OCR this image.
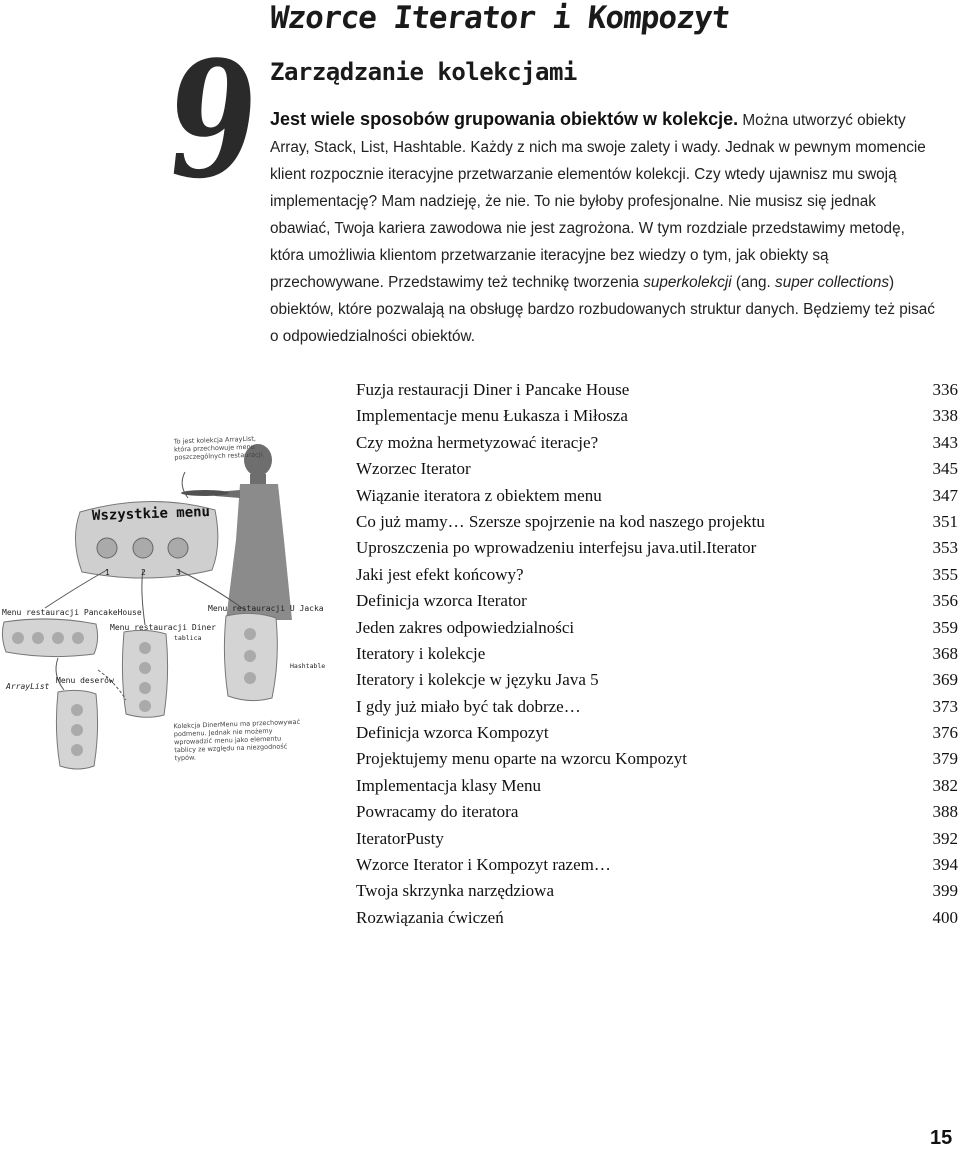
9
Wzorce Iterator i Kompozyt
Zarządzanie kolekcjami
Jest wiele sposobów grupowania obiektów w kolekcje. Można utworzyć obiekty Array, Stack, List, Hashtable. Każdy z nich ma swoje zalety i wady. Jednak w pewnym momencie klient rozpocznie iteracyjne przetwarzanie elementów kolekcji. Czy wtedy ujawnisz mu swoją implementację? Mam nadzieję, że nie. To nie byłoby profesjonalne. Nie musisz się jednak obawiać, Twoja kariera zawodowa nie jest zagrożona. W tym rozdziale przedstawimy metodę, która umożliwia klientom przetwarzanie iteracyjne bez wiedzy o tym, jak obiekty są przechowywane. Przedstawimy też technikę tworzenia superkolekcji (ang. super collections) obiektów, które pozwalają na obsługę bardzo rozbudowanych struktur danych. Będziemy też pisać o odpowiedzialności obiektów.
To jest kolekcja ArrayList, która przechowuje menu poszczególnych restauracji.
Wszystkie menu
1	2	3
Menu restauracji PancakeHouse
Menu restauracji Diner
Menu restauracji U Jacka
Menu deserów
ArrayList
tablica
Hashtable
Kolekcja DinerMenu ma przechowywać podmenu. Jednak nie możemy wprowadzić menu jako elementu tablicy ze względu na niezgodność typów.
Fuzja restauracji Diner i Pancake House	336
Implementacje menu Łukasza i Miłosza	338
Czy można hermetyzować iteracje?	343
Wzorzec Iterator	345
Wiązanie iteratora z obiektem menu	347
Co już mamy… Szersze spojrzenie na kod naszego projektu	351
Uproszczenia po wprowadzeniu interfejsu java.util.Iterator	353
Jaki jest efekt końcowy?	355
Definicja wzorca Iterator	356
Jeden zakres odpowiedzialności	359
Iteratory i kolekcje	368
Iteratory i kolekcje w języku Java 5	369
I gdy już miało być tak dobrze…	373
Definicja wzorca Kompozyt	376
Projektujemy menu oparte na wzorcu Kompozyt	379
Implementacja klasy Menu	382
Powracamy do iteratora	388
IteratorPusty	392
Wzorce Iterator i Kompozyt razem…	394
Twoja skrzynka narzędziowa	399
Rozwiązania ćwiczeń	400
15
